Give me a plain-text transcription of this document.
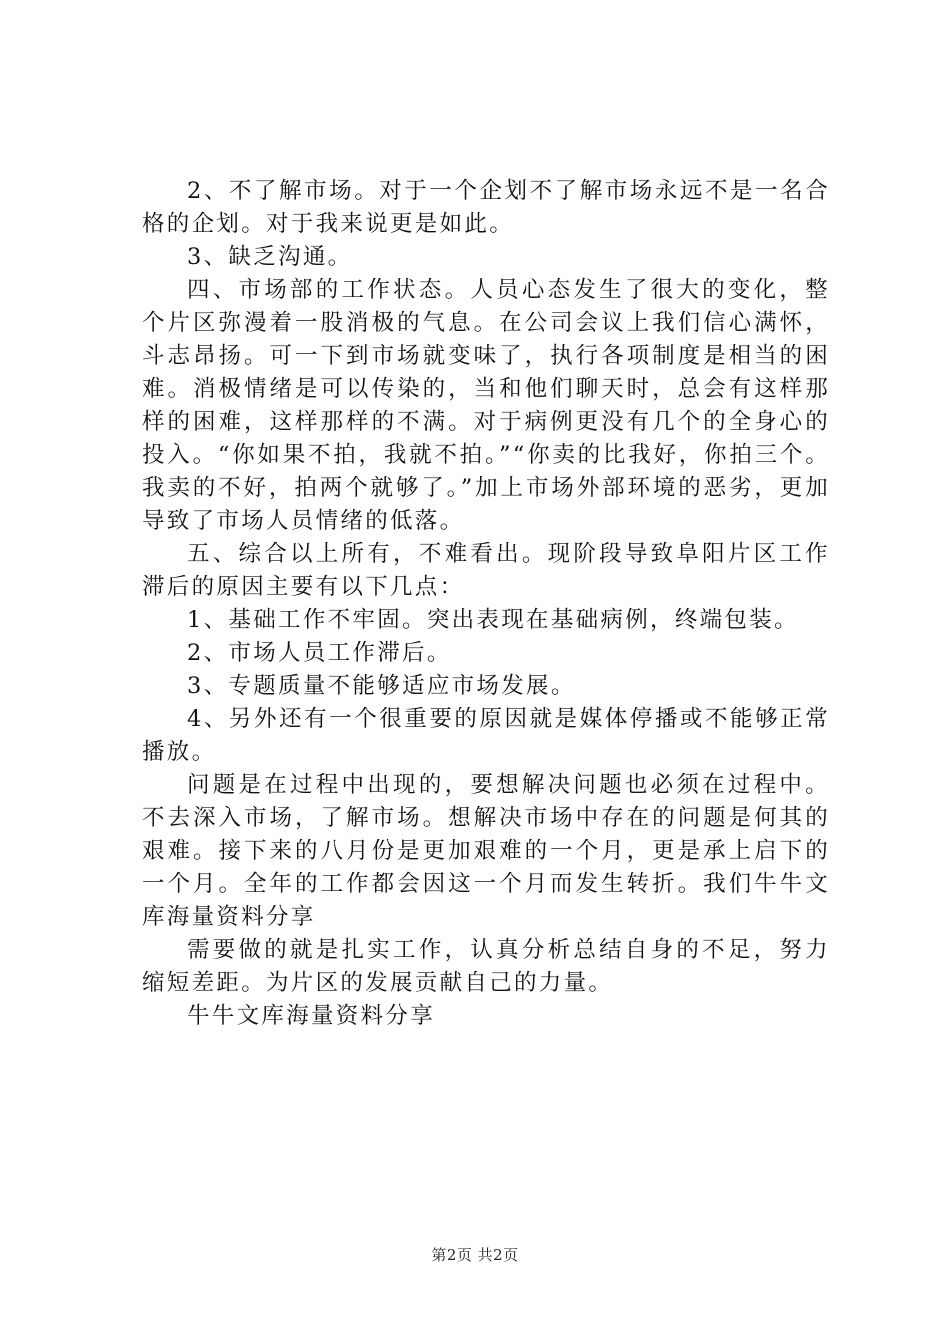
2、不了解市场。对于一个企划不了解市场永远不是一名合格的企划。对于我来说更是如此。

3、缺乏沟通。

四、市场部的工作状态。人员心态发生了很大的变化，整个片区弥漫着一股消极的气息。在公司会议上我们信心满怀，斗志昂扬。可一下到市场就变味了，执行各项制度是相当的困难。消极情绪是可以传染的，当和他们聊天时，总会有这样那样的困难，这样那样的不满。对于病例更没有几个的全身心的投入。“你如果不拍，我就不拍。”“你卖的比我好，你拍三个。我卖的不好，拍两个就够了。”加上市场外部环境的恶劣，更加导致了市场人员情绪的低落。

五、综合以上所有，不难看出。现阶段导致阜阳片区工作滞后的原因主要有以下几点：

1、基础工作不牢固。突出表现在基础病例，终端包装。

2、市场人员工作滞后。

3、专题质量不能够适应市场发展。

4、另外还有一个很重要的原因就是媒体停播或不能够正常播放。

问题是在过程中出现的，要想解决问题也必须在过程中。不去深入市场，了解市场。想解决市场中存在的问题是何其的艰难。接下来的八月份是更加艰难的一个月，更是承上启下的一个月。全年的工作都会因这一个月而发生转折。我们牛牛文库海量资料分享

需要做的就是扎实工作，认真分析总结自身的不足，努力缩短差距。为片区的发展贡献自己的力量。

牛牛文库海量资料分享

第2页 共2页
